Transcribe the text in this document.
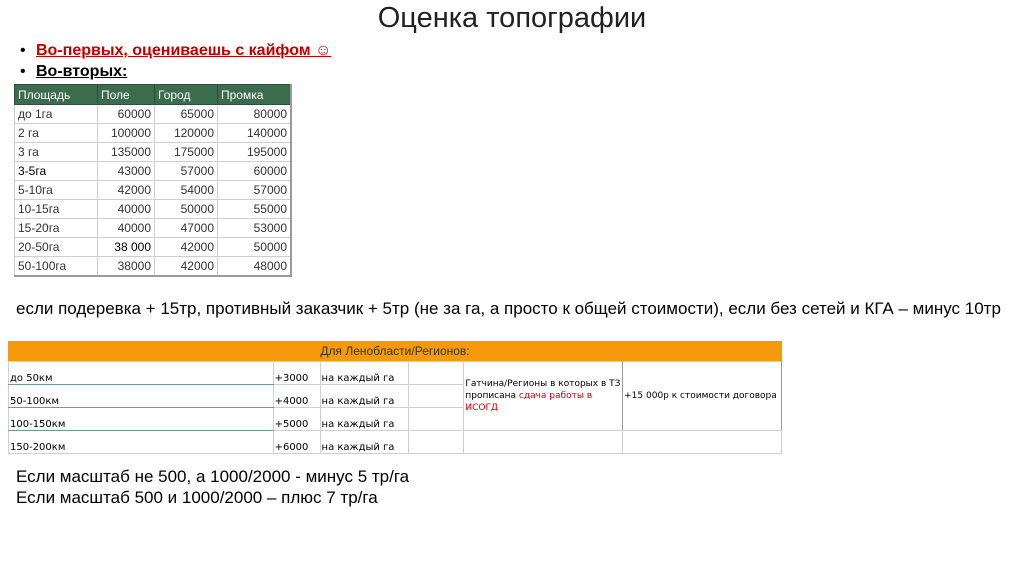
Оценка топографии
• Во-первых, оцениваешь с кайфом ☺
• Во-вторых:
Площадь	Поле	Город	Промка
до 1га	60000	65000	80000
2 га	100000	120000	140000
3 га	135000	175000	195000
3-5га	43000	57000	60000
5-10га	42000	54000	57000
10-15га	40000	50000	55000
15-20га	40000	47000	53000
20-50га	38 000	42000	50000
50-100га	38000	42000	48000
если подеревка + 15тр, противный заказчик + 5тр (не за га, а просто к общей стоимости), если без сетей и КГА – минус 10тр
Для Ленобласти/Регионов:
до 50км	+3000	на каждый га		Гатчина/Регионы в которых в ТЗ прописана сдача работы в ИСОГД	+15 000р к стоимости договора
50-100км	+4000	на каждый га			
100-150км	+5000	на каждый га			
150-200км	+6000	на каждый га			
Если масштаб не 500, а 1000/2000 - минус 5 тр/га
Если масштаб 500 и 1000/2000 – плюс 7 тр/га
